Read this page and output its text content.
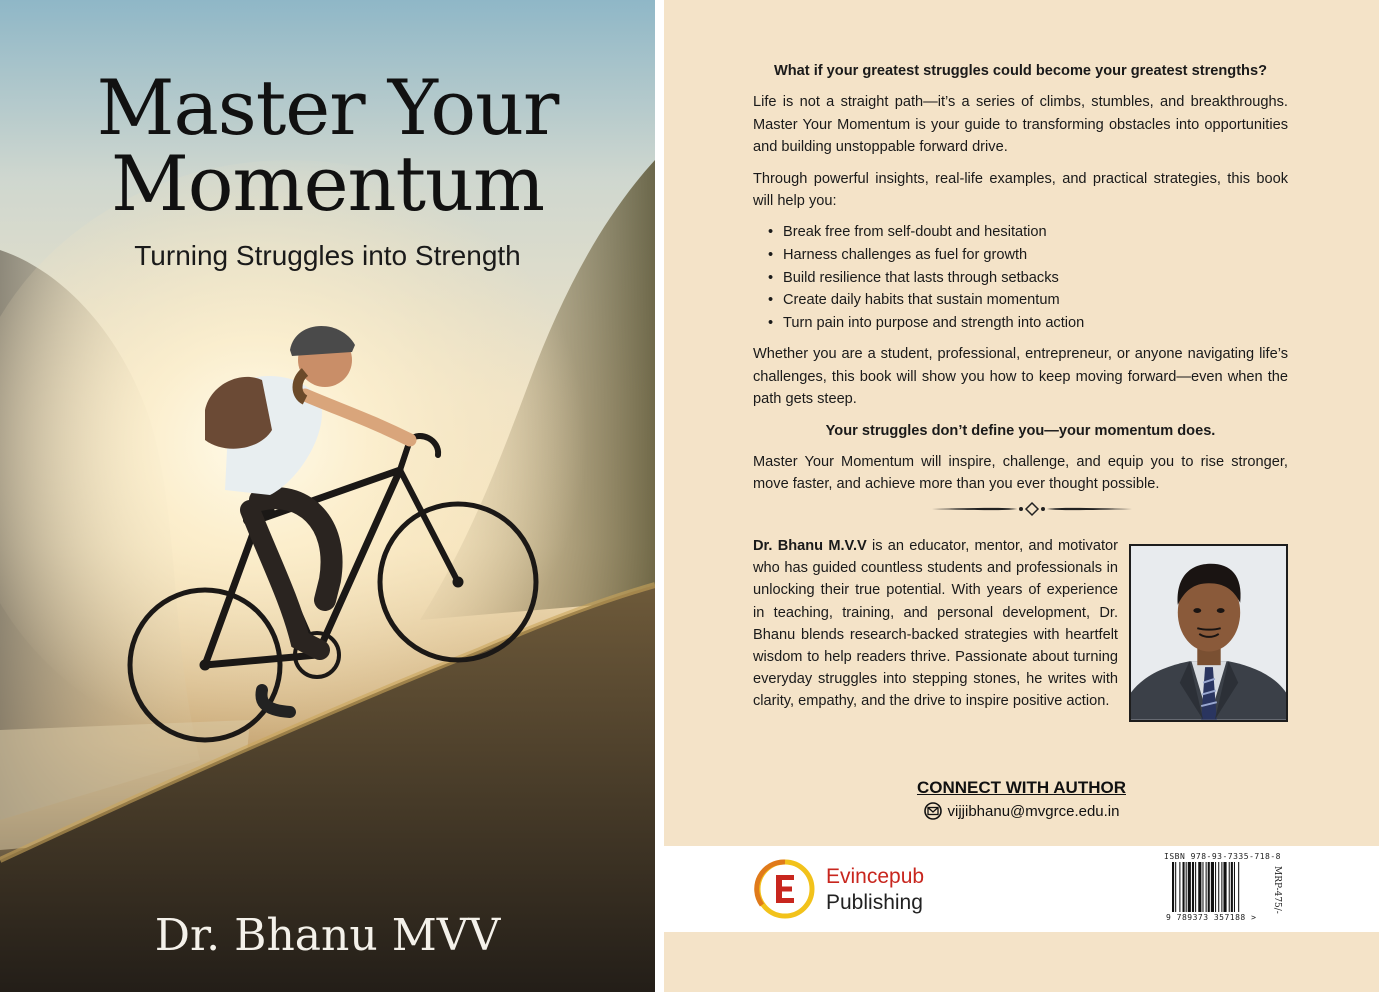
Master Your
Momentum
Turning Struggles into Strength
Dr. Bhanu MVV
What if your greatest struggles could become your greatest strengths?
Life is not a straight path—it’s a series of climbs, stumbles, and breakthroughs. Master Your Momentum is your guide to transforming obstacles into opportunities and building unstoppable forward drive.
Through powerful insights, real-life examples, and practical strategies, this book will help you:
• Break free from self-doubt and hesitation
• Harness challenges as fuel for growth
• Build resilience that lasts through setbacks
• Create daily habits that sustain momentum
• Turn pain into purpose and strength into action
Whether you are a student, professional, entrepreneur, or anyone navigating life’s challenges, this book will show you how to keep moving forward—even when the path gets steep.
Your struggles don’t define you—your momentum does.
Master Your Momentum will inspire, challenge, and equip you to rise stronger, move faster, and achieve more than you ever thought possible.
Dr. Bhanu M.V.V is an educator, mentor, and motivator who has guided countless students and professionals in unlocking their true potential. With years of experience in teaching, training, and personal development, Dr. Bhanu blends research-backed strategies with heartfelt wisdom to help readers thrive. Passionate about turning everyday struggles into stepping stones, he writes with clarity, empathy, and the drive to inspire positive action.
CONNECT WITH AUTHOR
vijjibhanu@mvgrce.edu.in
Evincepub
Publishing
ISBN 978-93-7335-718-8
9 789373 357188 >
MRP-475/-
